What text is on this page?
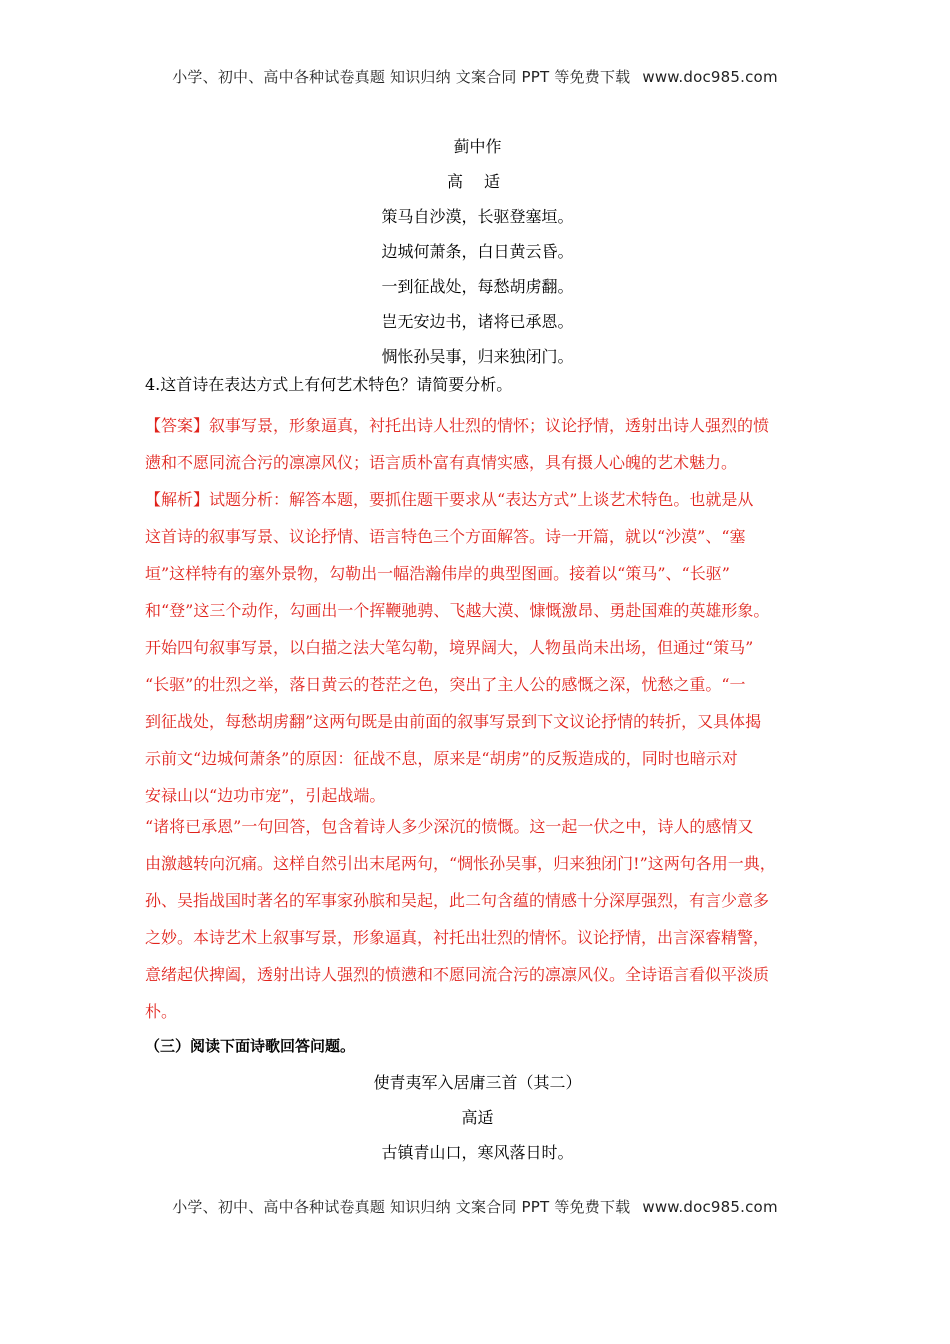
小学、初中、高中各种试卷真题 知识归纳 文案合同 PPT 等免费下载 www.doc985.com
蓟中作
高 适
策马自沙漠，长驱登塞垣。
边城何萧条，白日黄云昏。
一到征战处，每愁胡虏翻。
岂无安边书，诸将已承恩。
惆怅孙吴事，归来独闭门。
4.这首诗在表达方式上有何艺术特色？请简要分析。

【答案】叙事写景，形象逼真，衬托出诗人壮烈的情怀；议论抒情，透射出诗人强烈的愤

懑和不愿同流合污的凛凛风仪；语言质朴富有真情实感，具有摄人心魄的艺术魅力。

【解析】试题分析：解答本题，要抓住题干要求从“表达方式”上谈艺术特色。也就是从

这首诗的叙事写景、议论抒情、语言特色三个方面解答。诗一开篇，就以“沙漠”、“塞

垣”这样特有的塞外景物，勾勒出一幅浩瀚伟岸的典型图画。接着以“策马”、“长驱”

和“登”这三个动作，勾画出一个挥鞭驰骋、飞越大漠、慷慨激昂、勇赴国难的英雄形象。

开始四句叙事写景，以白描之法大笔勾勒，境界阔大，人物虽尚未出场，但通过“策马”

“长驱”的壮烈之举，落日黄云的苍茫之色，突出了主人公的感慨之深，忧愁之重。“一

到征战处，每愁胡虏翻”这两句既是由前面的叙事写景到下文议论抒情的转折，又具体揭

示前文“边城何萧条”的原因：征战不息，原来是“胡虏”的反叛造成的，同时也暗示对

安禄山以“边功市宠”，引起战端。

“诸将已承恩”一句回答，包含着诗人多少深沉的愤慨。这一起一伏之中，诗人的感情又

由激越转向沉痛。这样自然引出末尾两句，“惆怅孙吴事，归来独闭门!”这两句各用一典，

孙、吴指战国时著名的军事家孙膑和吴起，此二句含蕴的情感十分深厚强烈，有言少意多

之妙。本诗艺术上叙事写景，形象逼真，衬托出壮烈的情怀。议论抒情，出言深睿精警，

意绪起伏捭阖，透射出诗人强烈的愤懑和不愿同流合污的凛凛风仪。全诗语言看似平淡质

朴。

（三）阅读下面诗歌回答问题。
使青夷军入居庸三首（其二）
高适
古镇青山口，寒风落日时。
小学、初中、高中各种试卷真题 知识归纳 文案合同 PPT 等免费下载 www.doc985.com
